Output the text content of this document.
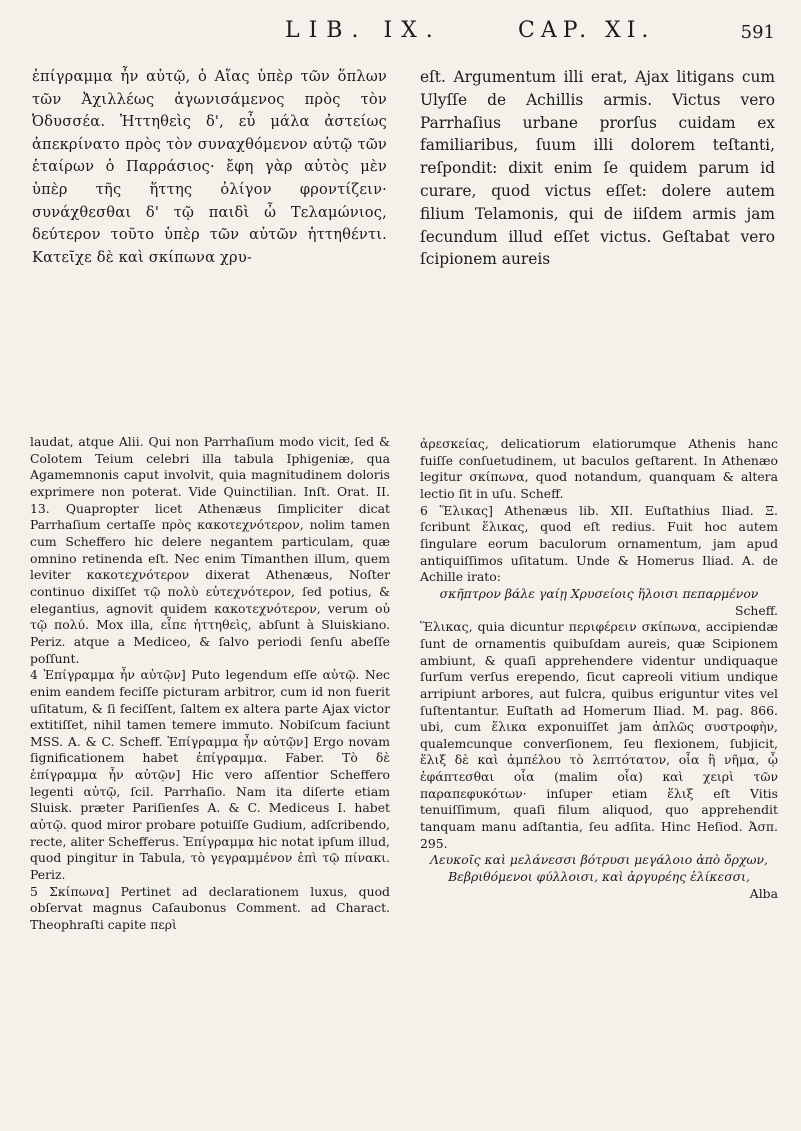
LIB. IX.	CAP. XI.	591

ἐπίγραμμα ἦν αὐτῷ, ὁ Αἴας ὑπὲρ τῶν ὅπλων τῶν Ἀχιλλέως ἀγωνισάμενος πρὸς τὸν Ὀδυσσέα. Ἡττηθεὶς δ', εὖ μάλα ἀστείως ἀπεκρίνατο πρὸς τὸν συναχθόμενον αὐτῷ τῶν ἑταίρων ὁ Παρράσιος· ἔφη γὰρ αὐτὸς μὲν ὑπὲρ τῆς ἥττης ὀλίγον φροντίζειν· συνάχθεσθαι δ' τῷ παιδὶ ὦ Τελαμώνιος, δεύτερον τοῦτο ὑπὲρ τῶν αὐτῶν ἡττηθέντι. Κατεῖχε δὲ καὶ σκίπωνα χρυ-

eſt. Argumentum illi erat, Ajax litigans cum Ulyſſe de Achillis armis. Victus vero Parrhaſius urbane prorſus cuidam ex familiaribus, ſuum illi dolorem teſtanti, reſpondit: dixit enim ſe quidem parum id curare, quod victus eſſet: dolere autem filium Telamonis, qui de iiſdem armis jam ſecundum illud eſſet victus. Geſtabat vero ſcipionem aureis

laudat, atque Alii. Qui non Parrhaſium modo vicit, ſed & Colotem Teium celebri illa tabula Iphigeniæ, qua Agamemnonis caput involvit, quia magnitudinem doloris exprimere non poterat. Vide Quinctilian. Inſt. Orat. II. 13. Quapropter licet Athenæus ſimpliciter dicat Parrhaſium certaſſe πρὸς κακοτεχνότερον, nolim tamen cum Schefferо hic delere negantem particulam, quæ omnino retinenda eſt. Nec enim Timanthen illum, quem leviter κακοτεχνότερον dixerat Athenæus, Noſter continuo dixiſſet τῷ πολὺ εὐτεχνότερον, ſed potius, & elegantius, agnovit quidem κακοτεχνότερον, verum οὐ τῷ πολύ. Mox illa, εἶπε ἡττηθεὶς, abſunt à Sluiskiano. Periz. atque a Mediceo, & ſalvo periodi ſenſu abeſſe poſſunt.

4 Ἐπίγραμμα ἦν αὐτῷν] Puto legendum eſſe αὐτῷ. Nec enim eandem feciſſe picturam arbitror, cum id non fuerit uſitatum, & ſi feciſſent, ſaltem ex altera parte Ajax victor extitiſſet, nihil tamen temere immuto. Nobiſcum faciunt MSS. A. & C. Scheff. Ἐπίγραμμα ἦν αὐτῷν] Ergo novam ſignificationem habet ἐπίγραμμα. Faber. Τὸ δὲ ἐπίγραμμα ἦν αὐτῷν] Hic vero aſſentior Schefferо legenti αὐτῷ, ſcil. Parrhaſio. Nam ita diſerte etiam Sluisk. præter Pariſienſes A. & C. Mediceus I. habet αὐτῷ. quod miror probare potuiſſe Gudium, adſcribendo, recte, aliter Schefferus. Ἐπίγραμμα hic notat ipſum illud, quod pingitur in Tabula, τὸ γεγραμμένον ἐπὶ τῷ πίνακι. Periz.

5 Σκίπωνα] Pertinet ad declarationem luxus, quod obſervat magnus Caſaubonus Comment. ad Charact. Theophraſti capite περὶ

ἀρεσκείας, delicatiorum elatiorumque Athenis hanc fuiſſe conſuetudinem, ut baculos geſtarent. In Athenæo legitur σκίπωνα, quod notandum, quanquam & altera lectio ſit in uſu. Scheff.

6 Ἕλικας] Athenæus lib. XII. Euſtathius Iliad. Ξ. ſcribunt ἕλικας, quod eſt redius. Fuit hoc autem ſingulare eorum baculorum ornamentum, jam apud antiquiſſimos uſitatum. Unde & Homerus Iliad. A. de Achille irato:

σκῆπτρον βάλε γαίῃ Χρυσείοις ἥλοισι πεπαρμένον

Scheff.

Ἕλικας, quia dicuntur περιφέρειν σκίπωνα, accipiendæ ſunt de ornamentis quibuſdam aureis, quæ Scipionem ambiunt, & quaſi apprehendere videntur undiquaque ſurſum verſus erependo, ſicut capreoli vitium undique arripiunt arbores, aut fulcra, quibus eriguntur vites vel ſuſtentantur. Euſtath ad Homerum Iliad. M. pag. 866. ubi, cum ἕλικα exponuiſſet jam ἀπλῶς συστροφὴν, qualemcunque converſionem, ſeu flexionem, ſubjicit, ἕλιξ δὲ καὶ ἀμπέλου τὸ λεπτότατον, οἷα ἢ νῆμα, ᾧ ἐφάπτεσθαι οἷα (malim οἷα) καὶ χειρὶ τῶν παραπεφυκότων· inſuper etiam ἕλιξ eſt Vitis tenuiſſimum, quaſi filum aliquod, quo apprehendit tanquam manu adſtantia, ſeu adſita. Hinc Heſiod. Ἀσπ. 295.

Λευκοῖς καὶ μελάνεσσι βότρυσι μεγάλοιο ἀπὸ ὄρχων,

Βεβριθόμενοι φύλλοισι, καὶ ἀργυρέης ἑλίκεσσι,

Alba
